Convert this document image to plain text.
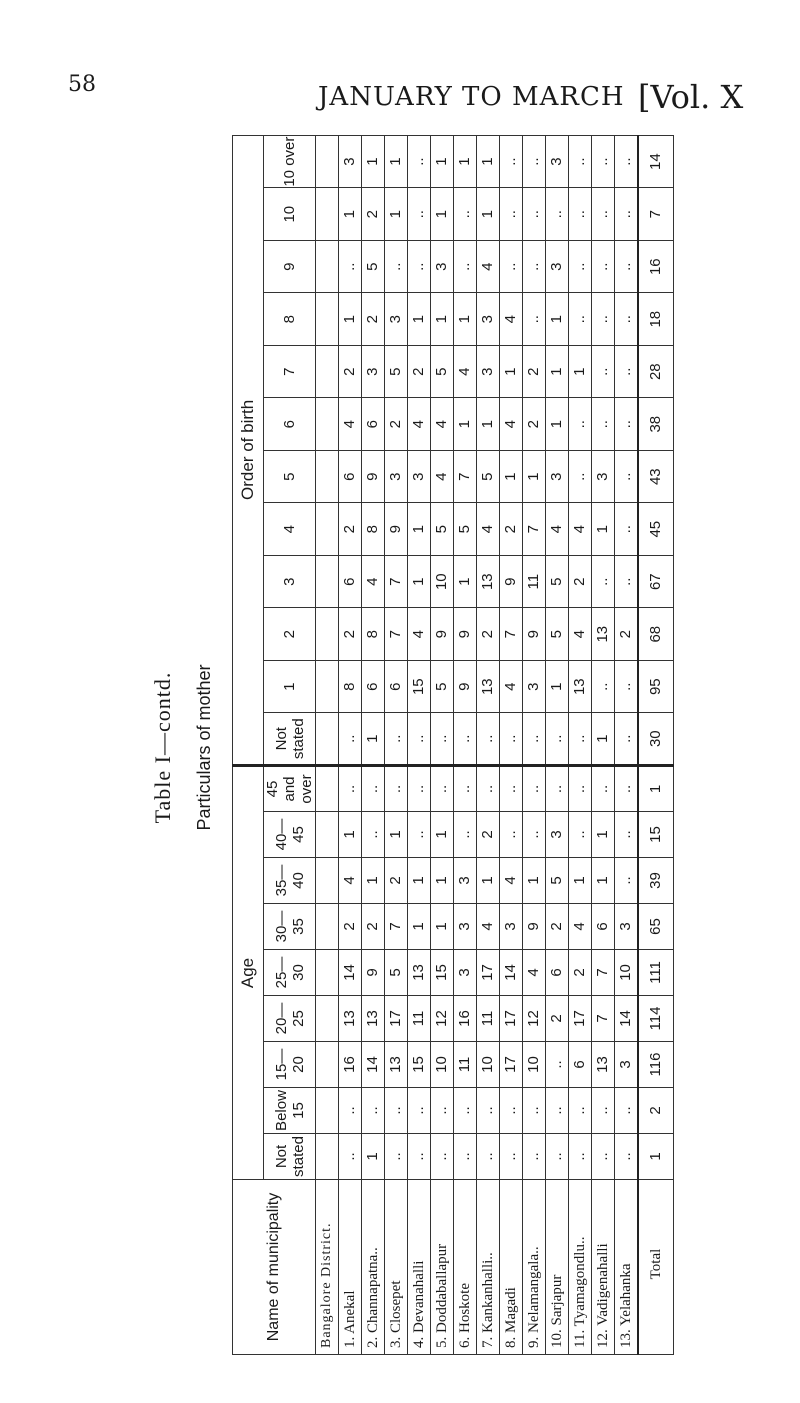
58	JANUARY TO MARCH [Vol. X
Table I—contd.	Particulars of mother
Name of municipality	Age									Order of birth											
	Not stated	Below 15	15—20	20—25	25—30	30—35	35—40	40—45	45 and over	Not stated	1	2	3	4	5	6	7	8	9	10	10 over
Bangalore District.																					
1. Anekal	..	..	16	13	14	2	4	1	..	..	8	2	6	2	6	4	2	1	..	1	3
2. Channapatna..	1	..	14	13	9	2	1	..	..	1	6	8	4	8	9	6	3	2	5	2	1
3. Closepet	..	..	13	17	5	7	2	1	..	..	6	7	7	9	3	2	5	3	..	1	1
4. Devanahalli	..	..	15	11	13	1	1	..	..	..	15	4	1	1	3	4	2	1	..	..	..
5. Doddaballapur	..	..	10	12	15	1	1	1	..	..	5	9	10	5	4	4	5	1	3	1	1
6. Hoskote	..	..	11	16	3	3	3	..	..	..	9	9	1	5	7	1	4	1	..	..	1
7. Kankanhalli..	..	..	10	11	17	4	1	2	..	..	13	2	13	4	5	1	3	3	4	1	1
8. Magadi	..	..	17	17	14	3	4	..	..	..	4	7	9	2	1	4	1	4	..	..	..
9. Nelamangala..	..	..	10	12	4	9	1	..	..	..	3	9	11	7	1	2	2	..	..	..	..
10. Sarjapur	..	..	..	2	6	2	5	3	..	..	1	5	5	4	3	1	1	1	3	..	3
11. Tyamagondlu..	..	..	6	17	2	4	1	..	..	..	13	4	2	4	..	..	1	..	..	..	..
12. Vadigenahalli	..	..	13	7	7	6	1	1	..	1	..	13	..	1	3	..	..	..	..	..	..
13. Yelahanka	..	..	3	14	10	3	..	..	..	..	..	2	..	..	..	..	..	..	..	..	..
Total	1	2	116	114	111	65	39	15	1	30	95	68	67	45	43	38	28	18	16	7	14
